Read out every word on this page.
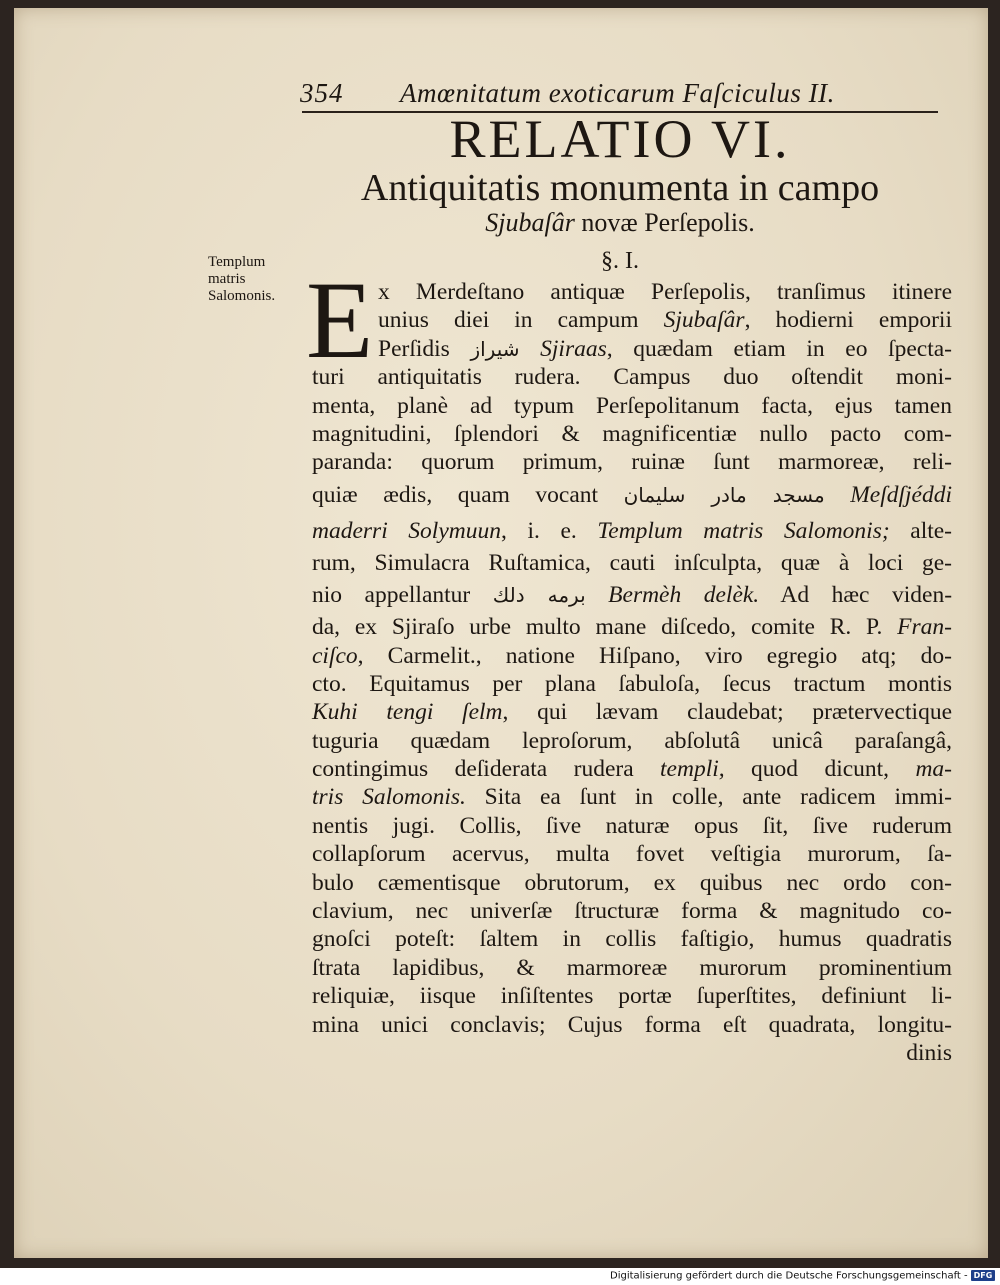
354 Amœnitatum exoticarum Faſciculus II.
RELATIO VI.
Antiquitatis monumenta in campo
Sjubaſâr novæ Perſepolis.
§. I.
Templum matris Salomonis. E x Merdeſtano antiquæ Perſepolis, tranſimus itinere
unius diei in campum Sjubaſâr, hodierni emporii
Perſidis شيراز Sjiraas, quædam etiam in eo ſpecta-
turi antiquitatis rudera. Campus duo oſtendit moni-
menta, planè ad typum Perſepolitanum facta, ejus tamen
magnitudini, ſplendori & magnificentiæ nullo pacto com-
paranda: quorum primum, ruinæ ſunt marmoreæ, reli-
quiæ ædis, quam vocant مسجد مادر سليمان Meſdſjéddi
maderri Solymuun, i. e. Templum matris Salomonis; alte-
rum, Simulacra Ruſtamica, cauti inſculpta, quæ à loci ge-
nio appellantur برمه دلك Bermèh delèk. Ad hæc viden-
da, ex Sjiraſo urbe multo mane diſcedo, comite R. P. Fran-
ciſco, Carmelit., natione Hiſpano, viro egregio atq; do-
cto. Equitamus per plana ſabuloſa, ſecus tractum montis
Kuhi tengi ſelm, qui lævam claudebat; prætervectique
tuguria quædam leproſorum, abſolutâ unicâ paraſangâ,
contingimus deſiderata rudera templi, quod dicunt, ma-
tris Salomonis. Sita ea ſunt in colle, ante radicem immi-
nentis jugi. Collis, ſive naturæ opus ſit, ſive ruderum
collapſorum acervus, multa fovet veſtigia murorum, ſa-
bulo cæmentisque obrutorum, ex quibus nec ordo con-
clavium, nec univerſæ ſtructuræ forma & magnitudo co-
gnoſci poteſt: ſaltem in collis faſtigio, humus quadratis
ſtrata lapidibus, & marmoreæ murorum prominentium
reliquiæ, iisque inſiſtentes portæ ſuperſtites, definiunt li-
mina unici conclavis; Cujus forma eſt quadrata, longitu-
dinis
Digitalisierung gefördert durch die Deutsche Forschungsgemeinschaft - DFG
